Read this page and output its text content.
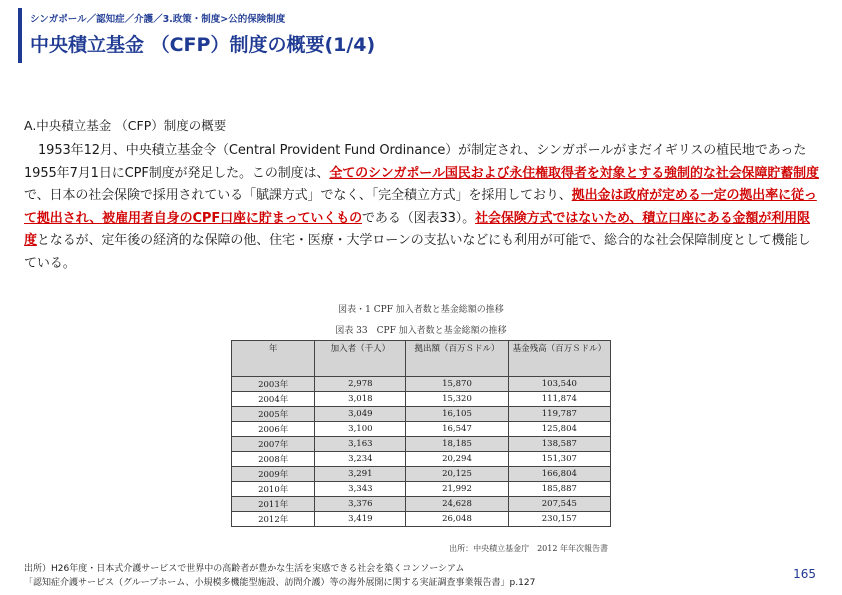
シンガポール／認知症／介護／3.政策・制度>公的保険制度
中央積立基金 （CFP）制度の概要(1/4)
A.中央積立基金 （CFP）制度の概要

1953年12月、中央積立基金令（Central Provident Fund Ordinance）が制定され、シンガポールがまだイギリスの植民地であった1955年7月1日にCPF制度が発足した。この制度は、全てのシンガポール国民および永住権取得者を対象とする強制的な社会保障貯蓄制度で、日本の社会保険で採用されている「賦課方式」でなく、「完全積立方式」を採用しており、拠出金は政府が定める一定の拠出率に従って拠出され、被雇用者自身のCPF口座に貯まっていくものである（図表33）。社会保険方式ではないため、積立口座にある金額が利用限度となるが、定年後の経済的な保障の他、住宅・医療・大学ローンの支払いなどにも利用が可能で、総合的な社会保障制度として機能している。

図表・1 CPF 加入者数と基金総額の推移
図表 33　CPF 加入者数と基金総額の推移
年	加入者（千人）	拠出額（百万Ｓドル）	基金残高（百万Ｓドル）
2003年	2,978	15,870	103,540
2004年	3,018	15,320	111,874
2005年	3,049	16,105	119,787
2006年	3,100	16,547	125,804
2007年	3,163	18,185	138,587
2008年	3,234	20,294	151,307
2009年	3,291	20,125	166,804
2010年	3,343	21,992	185,887
2011年	3,376	24,628	207,545
2012年	3,419	26,048	230,157
出所：中央積立基金庁　2012 年年次報告書
出所）H26年度・日本式介護サービスで世界中の高齢者が豊かな生活を実感できる社会を築くコンソーシアム
「認知症介護サービス（グループホーム、小規模多機能型施設、訪問介護）等の海外展開に関する実証調査事業報告書」p.127
165
